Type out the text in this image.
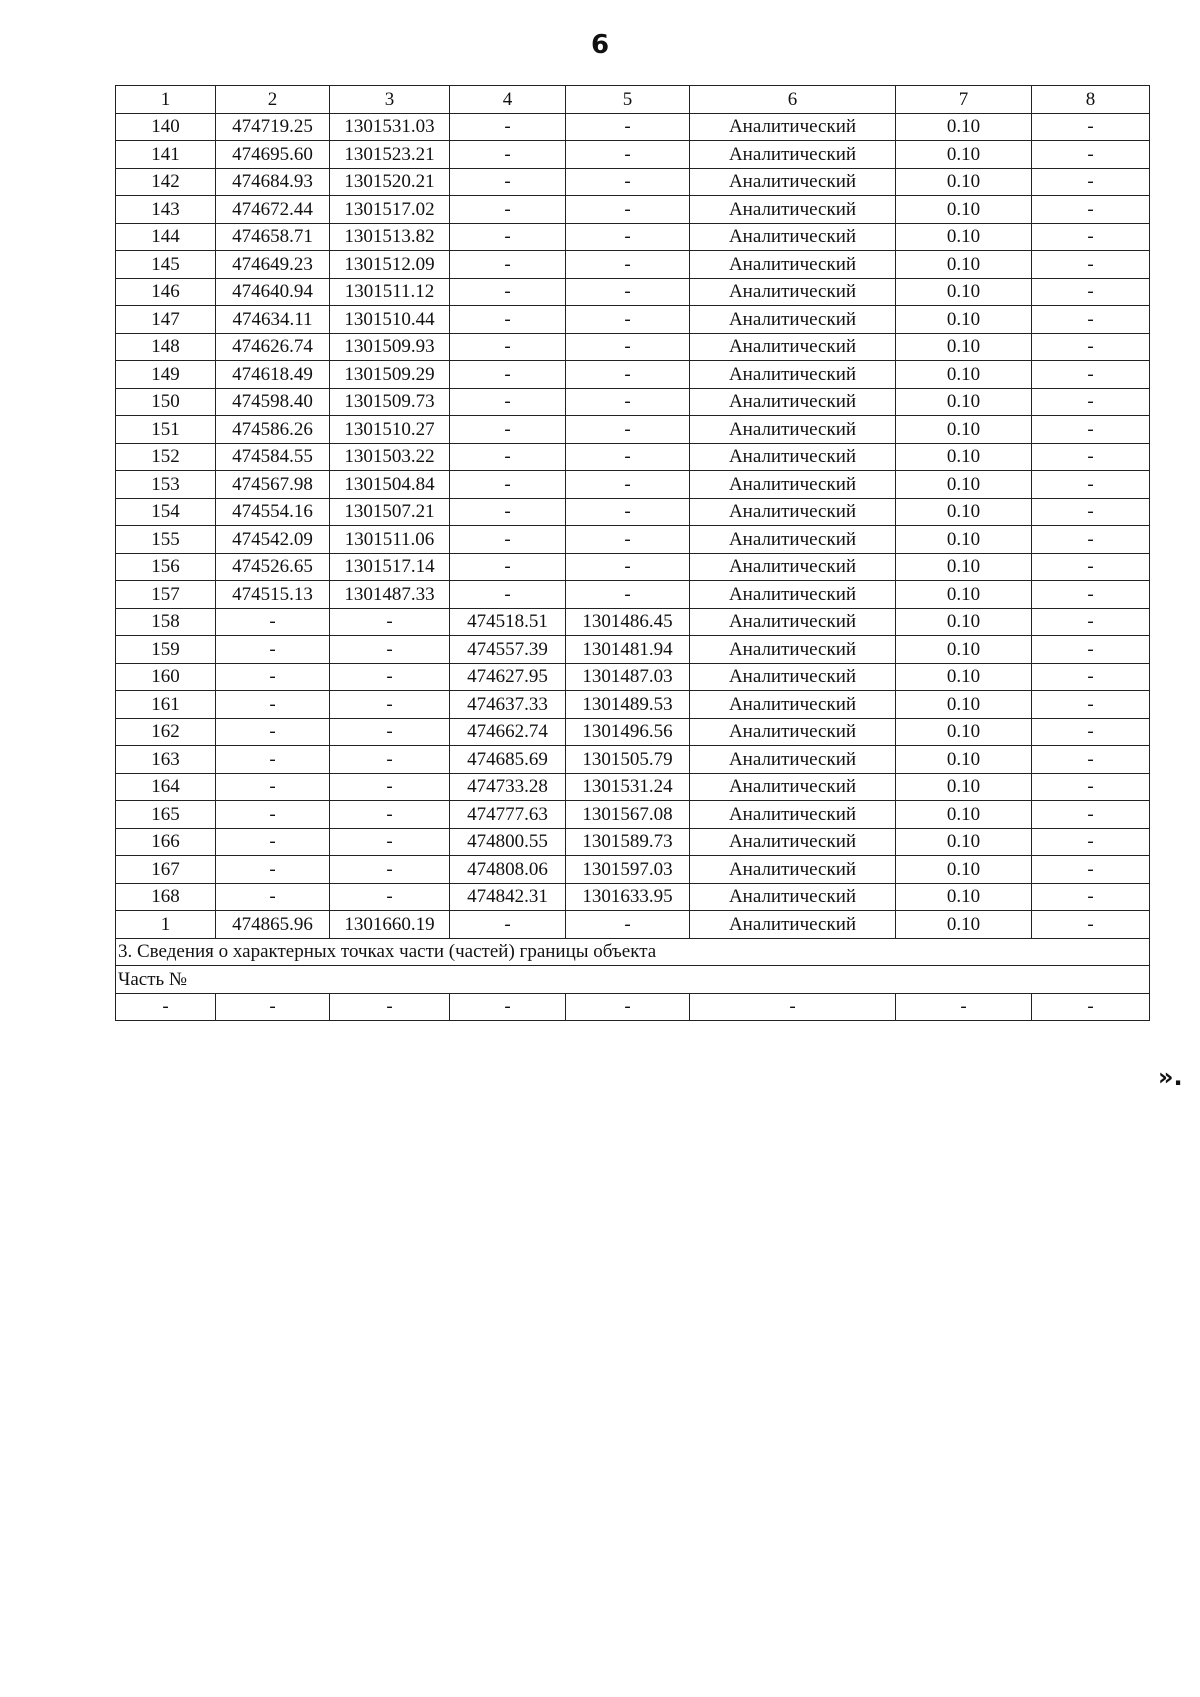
6
1	2	3	4	5	6	7	8
140	474719.25	1301531.03	-	-	Аналитический	0.10	-
141	474695.60	1301523.21	-	-	Аналитический	0.10	-
142	474684.93	1301520.21	-	-	Аналитический	0.10	-
143	474672.44	1301517.02	-	-	Аналитический	0.10	-
144	474658.71	1301513.82	-	-	Аналитический	0.10	-
145	474649.23	1301512.09	-	-	Аналитический	0.10	-
146	474640.94	1301511.12	-	-	Аналитический	0.10	-
147	474634.11	1301510.44	-	-	Аналитический	0.10	-
148	474626.74	1301509.93	-	-	Аналитический	0.10	-
149	474618.49	1301509.29	-	-	Аналитический	0.10	-
150	474598.40	1301509.73	-	-	Аналитический	0.10	-
151	474586.26	1301510.27	-	-	Аналитический	0.10	-
152	474584.55	1301503.22	-	-	Аналитический	0.10	-
153	474567.98	1301504.84	-	-	Аналитический	0.10	-
154	474554.16	1301507.21	-	-	Аналитический	0.10	-
155	474542.09	1301511.06	-	-	Аналитический	0.10	-
156	474526.65	1301517.14	-	-	Аналитический	0.10	-
157	474515.13	1301487.33	-	-	Аналитический	0.10	-
158	-	-	474518.51	1301486.45	Аналитический	0.10	-
159	-	-	474557.39	1301481.94	Аналитический	0.10	-
160	-	-	474627.95	1301487.03	Аналитический	0.10	-
161	-	-	474637.33	1301489.53	Аналитический	0.10	-
162	-	-	474662.74	1301496.56	Аналитический	0.10	-
163	-	-	474685.69	1301505.79	Аналитический	0.10	-
164	-	-	474733.28	1301531.24	Аналитический	0.10	-
165	-	-	474777.63	1301567.08	Аналитический	0.10	-
166	-	-	474800.55	1301589.73	Аналитический	0.10	-
167	-	-	474808.06	1301597.03	Аналитический	0.10	-
168	-	-	474842.31	1301633.95	Аналитический	0.10	-
1	474865.96	1301660.19	-	-	Аналитический	0.10	-
3. Сведения о характерных точках части (частей) границы объекта							
Часть №							
-	-	-	-	-	-	-	-
».
